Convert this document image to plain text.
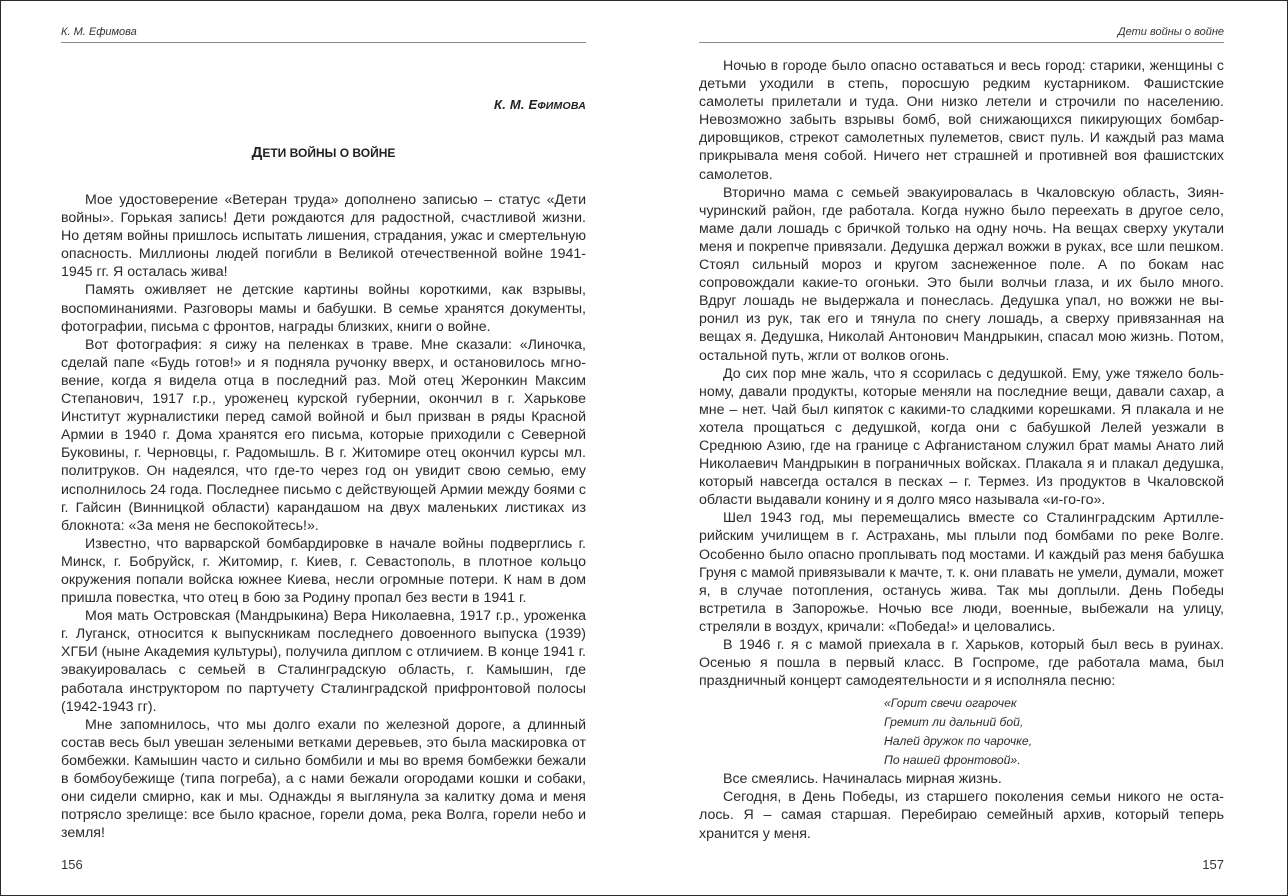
К. М. Ефимова
К. М. ЕФИМОВА
ДЕТИ ВОЙНЫ О ВОЙНЕ

Мое удостоверение «Ветеран труда» дополнено записью – статус «Дети войны». Горькая запись! Дети рождаются для радостной, счастливой жизни. Но детям войны пришлось испытать лишения, страдания, ужас и смертельную опасность. Миллионы людей погибли в Великой отечественной войне 1941-1945 гг. Я осталась жива!

Память оживляет не детские картины войны короткими, как взрывы, воспоминаниями. Разговоры мамы и бабушки. В семье хранятся документы, фотографии, письма с фронтов, награды близких, книги о войне.

Вот фотография: я сижу на пеленках в траве. Мне сказали: «Линочка, сделай папе «Будь готов!» и я подняла ручонку вверх, и остановилось мгновение, когда я видела отца в последний раз. Мой отец Жеронкин Максим Степанович, 1917 г.р., уроженец курской губернии, окончил в г. Харькове Институт журналистики перед самой войной и был призван в ряды Красной Армии в 1940 г. Дома хранятся его письма, которые приходили с Северной Буковины, г. Черновцы, г. Радомышль. В г. Житомире отец окончил курсы мл. политруков. Он надеялся, что где-то через год он увидит свою семью, ему исполнилось 24 года. Последнее письмо с действующей Армии между боями с г. Гайсин (Винницкой области) карандашом на двух маленьких листиках из блокнота: «За меня не беспокойтесь!».

Известно, что варварской бомбардировке в начале войны подверглись г. Минск, г. Бобруйск, г. Житомир, г. Киев, г. Севастополь, в плотное кольцо окружения попали войска южнее Киева, несли огромные потери. К нам в дом пришла повестка, что отец в бою за Родину пропал без вести в 1941 г.

Моя мать Островская (Мандрыкина) Вера Николаевна, 1917 г.р., уроженка г. Луганск, относится к выпускникам последнего довоенного выпуска (1939) ХГБИ (ныне Академия культуры), получила диплом с отличием. В конце 1941 г. эвакуировалась с семьей в Сталинградскую область, г. Камышин, где работала инструктором по партучету Сталинградской прифронтовой полосы (1942-1943 гг).

Мне запомнилось, что мы долго ехали по железной дороге, а длинный состав весь был увешан зелеными ветками деревьев, это была маскировка от бомбежки. Камышин часто и сильно бомбили и мы во время бомбежки бежали в бомбоубежище (типа погреба), а с нами бежали огородами кошки и собаки, они сидели смирно, как и мы. Однажды я выглянула за калитку дома и меня потрясло зрелище: все было красное, горели дома, река Волга, горели небо и земля!

156
Дети войны о войне

Ночью в городе было опасно оставаться и весь город: старики, женщины с детьми уходили в степь, поросшую редким кустарником. Фашистские самолеты прилетали и туда. Они низко летели и строчили по населению. Невозможно забыть взрывы бомб, вой снижающихся пикирующих бомбардировщиков, стрекот самолетных пулеметов, свист пуль. И каждый раз мама прикрывала меня собой. Ничего нет страшней и противней воя фашистских самолетов.

Вторично мама с семьей эвакуировалась в Чкаловскую область, Зиянчуринский район, где работала. Когда нужно было переехать в другое село, маме дали лошадь с бричкой только на одну ночь. На вещах сверху укутали меня и покрепче привязали. Дедушка держал вожжи в руках, все шли пешком. Стоял сильный мороз и кругом заснеженное поле. А по бокам нас сопровождали какие-то огоньки. Это были волчьи глаза, и их было много. Вдруг лошадь не выдержала и понеслась. Дедушка упал, но вожжи не выронил из рук, так его и тянула по снегу лошадь, а сверху привязанная на вещах я. Дедушка, Николай Антонович Мандрыкин, спасал мою жизнь. Потом, остальной путь, жгли от волков огонь.

До сих пор мне жаль, что я ссорилась с дедушкой. Ему, уже тяжело больному, давали продукты, которые меняли на последние вещи, давали сахар, а мне – нет. Чай был кипяток с какими-то сладкими корешками. Я плакала и не хотела прощаться с дедушкой, когда они с бабушкой Лелей уезжали в Среднюю Азию, где на границе с Афганистаном служил брат мамы Анато лий Николаевич Мандрыкин в пограничных войсках. Плакала я и плакал дедушка, который навсегда остался в песках – г. Термез. Из продуктов в Чкаловской области выдавали конину и я долго мясо называла «и-го-го».

Шел 1943 год, мы перемещались вместе со Сталинградским Артиллерийским училищем в г. Астрахань, мы плыли под бомбами по реке Волге. Особенно было опасно проплывать под мостами. И каждый раз меня бабушка Груня с мамой привязывали к мачте, т. к. они плавать не умели, думали, может я, в случае потопления, останусь жива. Так мы доплыли. День Победы встретила в Запорожье. Ночью все люди, военные, выбежали на улицу, стреляли в воздух, кричали: «Победа!» и целовались.

В 1946 г. я с мамой приехала в г. Харьков, который был весь в руинах. Осенью я пошла в первый класс. В Госпроме, где работала мама, был праздничный концерт самодеятельности и я исполняла песню:

«Горит свечи огарочек
Гремит ли дальний бой,
Налей дружок по чарочке,
По нашей фронтовой».

Все смеялись. Начиналась мирная жизнь.

Сегодня, в День Победы, из старшего поколения семьи никого не осталось. Я – самая старшая. Перебираю семейный архив, который теперь хранится у меня.

157
